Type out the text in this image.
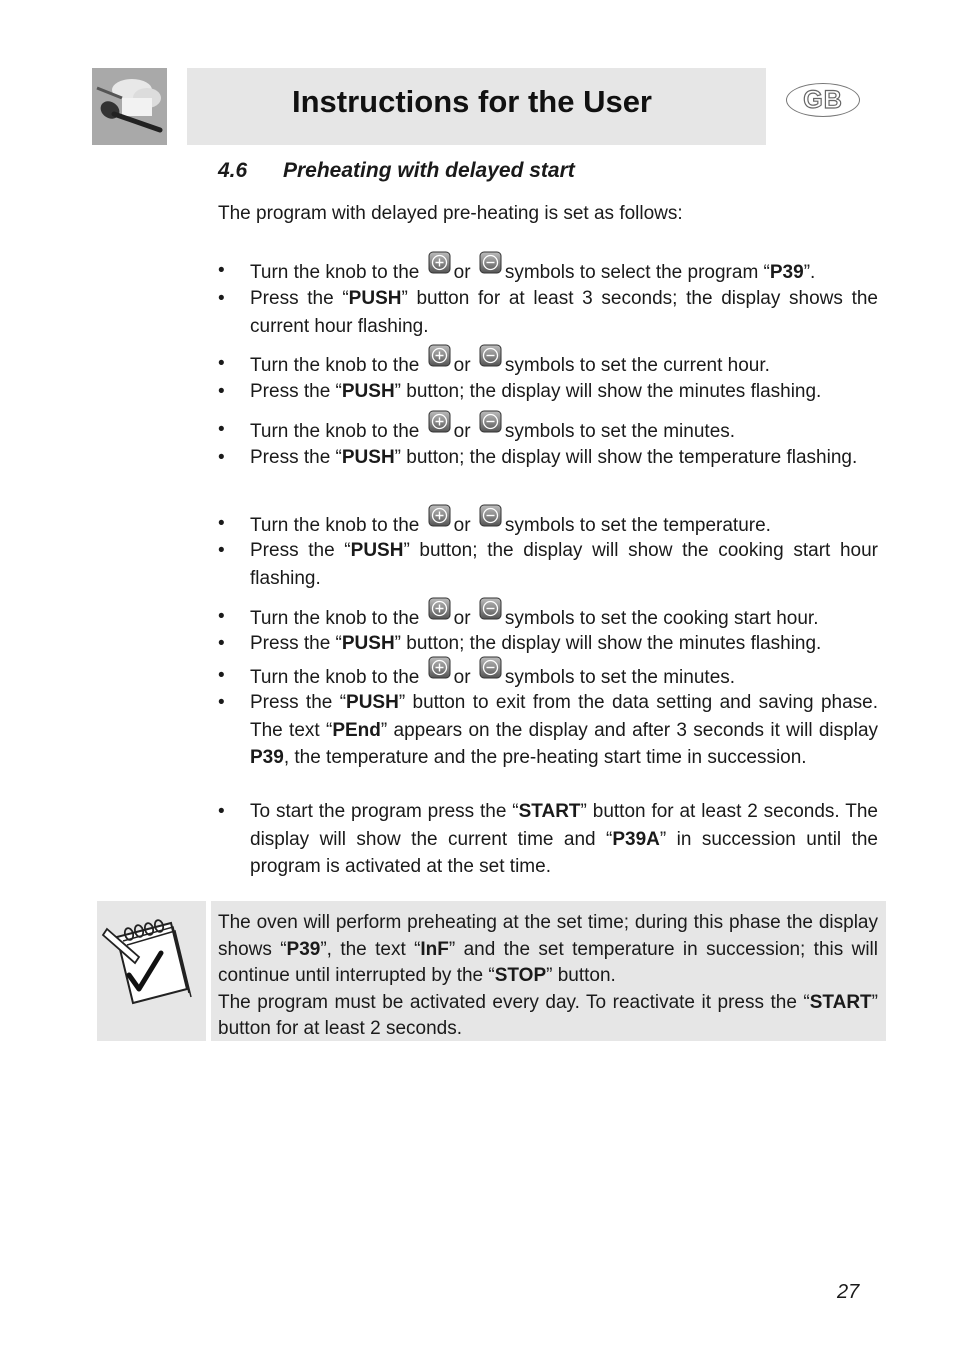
Instructions for the User	GB
4.6 Preheating with delayed start
The program with delayed pre-heating is set as follows:
•	Turn the knob to the or symbols to select the program “P39”.
•	Press the “PUSH” button for at least 3 seconds; the display shows the current hour flashing.
•	Turn the knob to the or symbols to set the current hour.
•	Press the “PUSH” button; the display will show the minutes flashing.
•	Turn the knob to the or symbols to set the minutes.
•	Press the “PUSH” button; the display will show the temperature flashing.
•	Turn the knob to the or symbols to set the temperature.
•	Press the “PUSH” button; the display will show the cooking start hour flashing.
•	Turn the knob to the or symbols to set the cooking start hour.
•	Press the “PUSH” button; the display will show the minutes flashing.
•	Turn the knob to the or symbols to set the minutes.
•	Press the “PUSH” button to exit from the data setting and saving phase. The text “PEnd” appears on the display and after 3 seconds it will display P39, the temperature and the pre-heating start time in succession.
•	To start the program press the “START” button for at least 2 seconds. The display will show the current time and “P39A” in succession until the program is activated at the set time.
The oven will perform preheating at the set time; during this phase the display shows “P39”, the text “InF” and the set temperature in succession; this will continue until interrupted by the “STOP” button.
The program must be activated every day. To reactivate it press the “START” button for at least 2 seconds.
27
